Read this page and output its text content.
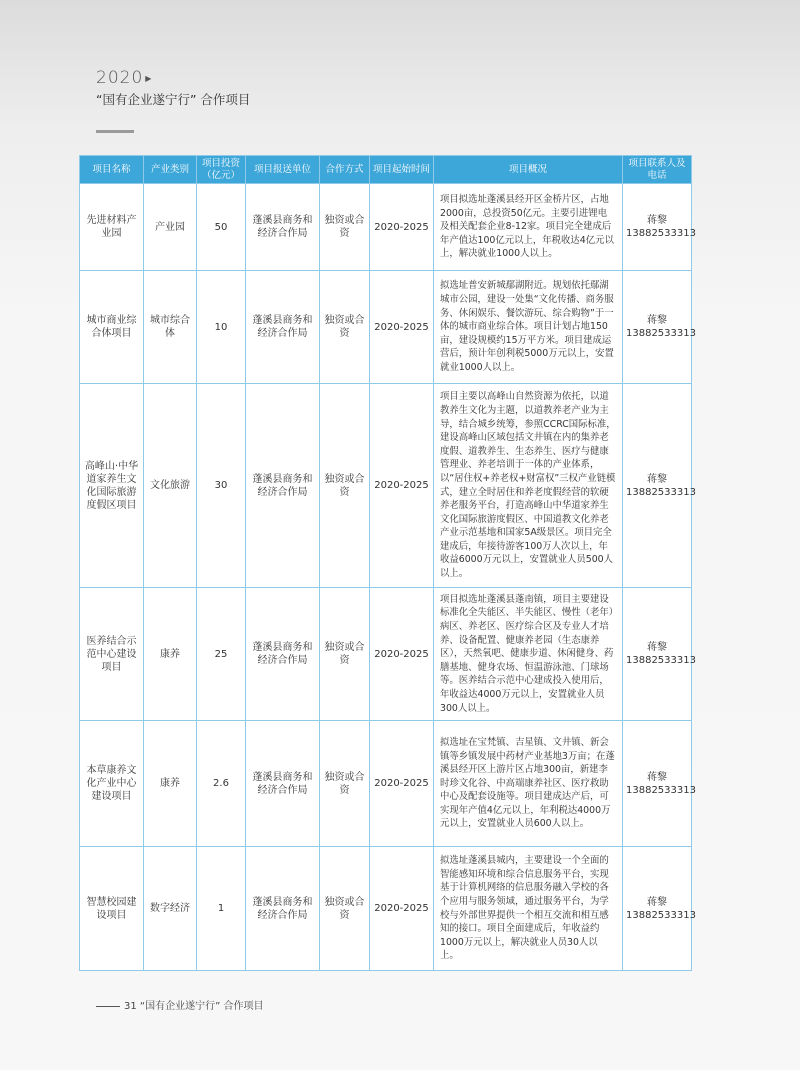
2020 ▶
“国有企业遂宁行” 合作项目
项目名称	产业类别	项目投资（亿元）	项目报送单位	合作方式	项目起始时间	项目概况	项目联系人及电话
先进材料产业园	产业园	50	蓬溪县商务和经济合作局	独资或合资	2020-2025	项目拟选址蓬溪县经开区金桥片区，占地2000亩，总投资50亿元。主要引进锂电及相关配套企业8-12家。项目完全建成后年产值达100亿元以上，年税收达4亿元以上，解决就业1000人以上。	蒋黎
13882533313
城市商业综合体项目	城市综合体	10	蓬溪县商务和经济合作局	独资或合资	2020-2025	拟选址普安新城鄢湖附近。规划依托鄢湖城市公园，建设一处集“文化传播、商务服务、休闲娱乐、餐饮游玩、综合购物”于一体的城市商业综合体。项目计划占地150亩，建设规模约15万平方米。项目建成运营后，预计年创利税5000万元以上，安置就业1000人以上。	蒋黎
13882533313
高峰山·中华道家养生文化国际旅游度假区项目	文化旅游	30	蓬溪县商务和经济合作局	独资或合资	2020-2025	项目主要以高峰山自然资源为依托，以道教养生文化为主题，以道教养老产业为主导，结合城乡统筹，参照CCRC国际标准，建设高峰山区域包括文井镇在内的集养老度假、道教养生、生态养生、医疗与健康管理业、养老培训于一体的产业体系，以“居住权+养老权+财富权”三权产业链模式，建立全时居住和养老度假经营的软硬养老服务平台，打造高峰山中华道家养生文化国际旅游度假区、中国道教文化养老产业示范基地和国家5A级景区。项目完全建成后，年接待游客100万人次以上，年收益6000万元以上，安置就业人员500人以上。	蒋黎
13882533313
医养结合示范中心建设项目	康养	25	蓬溪县商务和经济合作局	独资或合资	2020-2025	项目拟选址蓬溪县蓬南镇，项目主要建设标准化全失能区、半失能区、慢性（老年）病区、养老区、医疗综合区及专业人才培养、设备配置、健康养老园（生态康养区），天然氧吧、健康步道、休闲健身、药膳基地、健身农场、恒温游泳池、门球场等。医养结合示范中心建成投入使用后，年收益达4000万元以上，安置就业人员300人以上。	蒋黎
13882533313
本草康养文化产业中心建设项目	康养	2.6	蓬溪县商务和经济合作局	独资或合资	2020-2025	拟选址在宝梵镇、吉星镇、文井镇、新会镇等乡镇发展中药材产业基地3万亩；在蓬溪县经开区上游片区占地300亩，新建李时珍文化谷、中高端康养社区、医疗救助中心及配套设施等。项目建成达产后，可实现年产值4亿元以上，年利税达4000万元以上，安置就业人员600人以上。	蒋黎
13882533313
智慧校园建设项目	数字经济	1	蓬溪县商务和经济合作局	独资或合资	2020-2025	拟选址蓬溪县城内，主要建设一个全面的智能感知环境和综合信息服务平台，实现基于计算机网络的信息服务融入学校的各个应用与服务领域，通过服务平台，为学校与外部世界提供一个相互交流和相互感知的接口。项目全面建成后，年收益约1000万元以上，解决就业人员30人以上。	蒋黎
13882533313
31 “国有企业遂宁行” 合作项目
